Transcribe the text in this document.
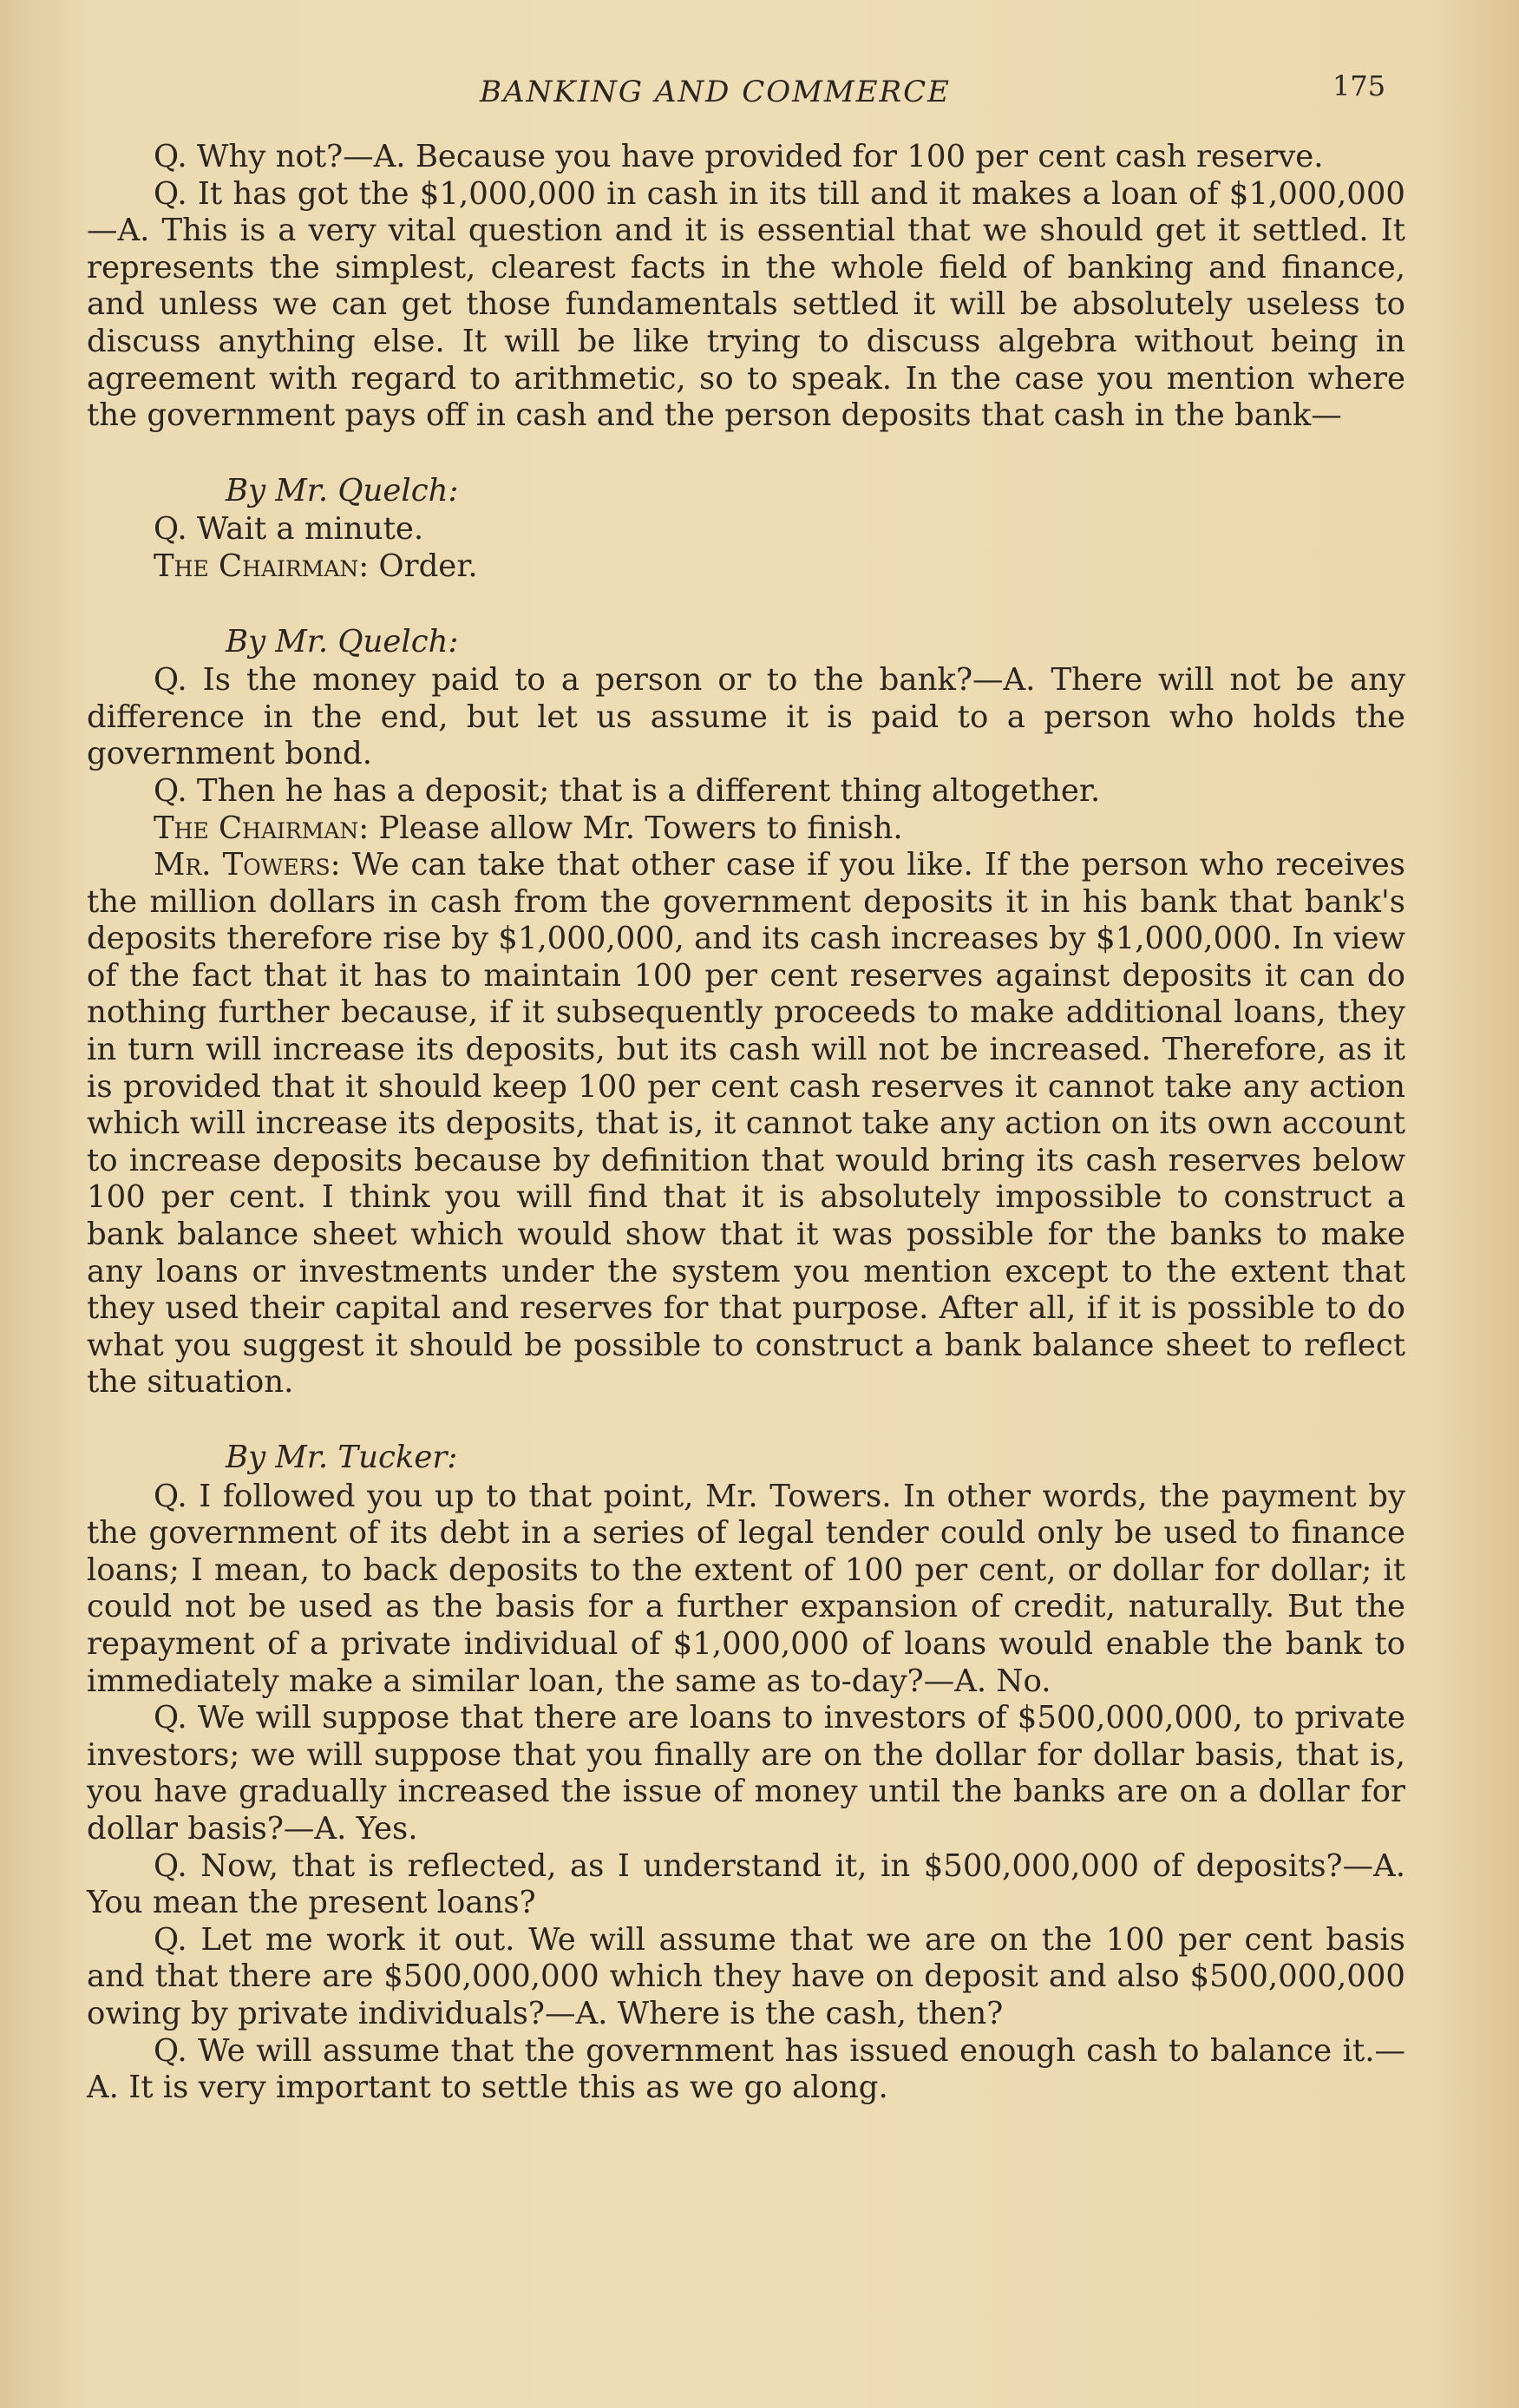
BANKING AND COMMERCE	175

Q. Why not?—A. Because you have provided for 100 per cent cash reserve.

Q. It has got the $1,000,000 in cash in its till and it makes a loan of $1,000,000—A. This is a very vital question and it is essential that we should get it settled. It represents the simplest, clearest facts in the whole field of banking and finance, and unless we can get those fundamentals settled it will be absolutely useless to discuss anything else. It will be like trying to discuss algebra without being in agreement with regard to arithmetic, so to speak. In the case you mention where the government pays off in cash and the person deposits that cash in the bank—

By Mr. Quelch:

Q. Wait a minute.

The Chairman: Order.

By Mr. Quelch:

Q. Is the money paid to a person or to the bank?—A. There will not be any difference in the end, but let us assume it is paid to a person who holds the government bond.

Q. Then he has a deposit; that is a different thing altogether.

The Chairman: Please allow Mr. Towers to finish.

Mr. Towers: We can take that other case if you like. If the person who receives the million dollars in cash from the government deposits it in his bank that bank's deposits therefore rise by $1,000,000, and its cash increases by $1,000,000. In view of the fact that it has to maintain 100 per cent reserves against deposits it can do nothing further because, if it subsequently proceeds to make additional loans, they in turn will increase its deposits, but its cash will not be increased. Therefore, as it is provided that it should keep 100 per cent cash reserves it cannot take any action which will increase its deposits, that is, it cannot take any action on its own account to increase deposits because by definition that would bring its cash reserves below 100 per cent. I think you will find that it is absolutely impossible to construct a bank balance sheet which would show that it was possible for the banks to make any loans or investments under the system you mention except to the extent that they used their capital and reserves for that purpose. After all, if it is possible to do what you suggest it should be possible to construct a bank balance sheet to reflect the situation.

By Mr. Tucker:

Q. I followed you up to that point, Mr. Towers. In other words, the payment by the government of its debt in a series of legal tender could only be used to finance loans; I mean, to back deposits to the extent of 100 per cent, or dollar for dollar; it could not be used as the basis for a further expansion of credit, naturally. But the repayment of a private individual of $1,000,000 of loans would enable the bank to immediately make a similar loan, the same as to-day?—A. No.

Q. We will suppose that there are loans to investors of $500,000,000, to private investors; we will suppose that you finally are on the dollar for dollar basis, that is, you have gradually increased the issue of money until the banks are on a dollar for dollar basis?—A. Yes.

Q. Now, that is reflected, as I understand it, in $500,000,000 of deposits?—A. You mean the present loans?

Q. Let me work it out. We will assume that we are on the 100 per cent basis and that there are $500,000,000 which they have on deposit and also $500,000,000 owing by private individuals?—A. Where is the cash, then?

Q. We will assume that the government has issued enough cash to balance it.—A. It is very important to settle this as we go along.
